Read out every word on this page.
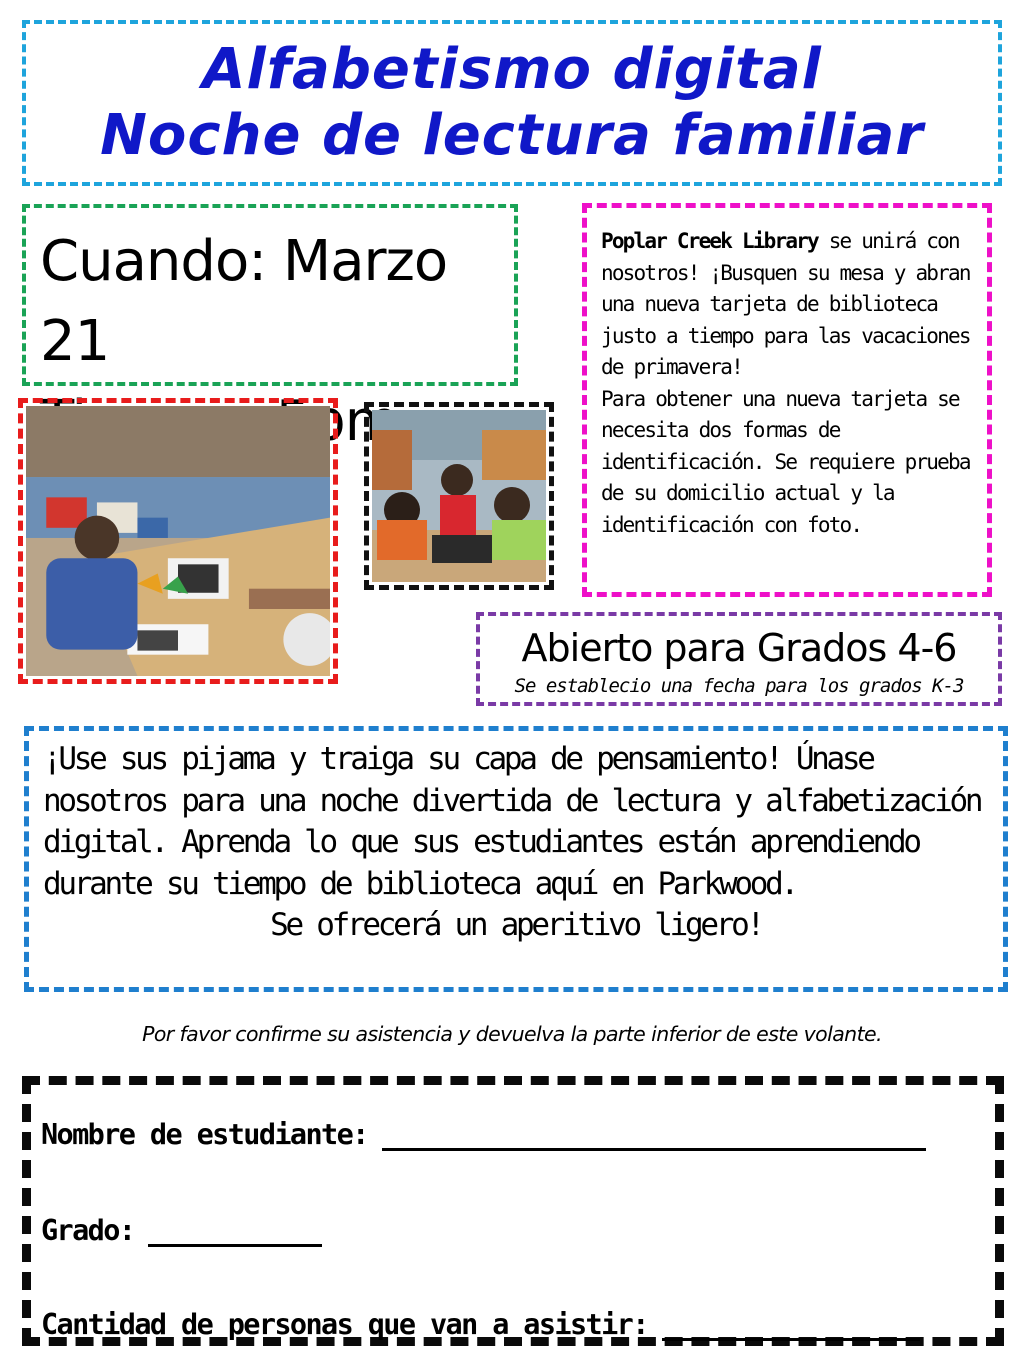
Alfabetismo digital
Noche de lectura familiar
Cuando: Marzo 21
5pm

Poplar Creek Library se unirá con nosotros! ¡Busquen su mesa y abran una nueva tarjeta de biblioteca justo a tiempo para las vacaciones de primavera!

Para obtener una nueva tarjeta se necesita dos formas de identificación. Se requiere prueba de su domicilio actual y la identificación con foto.

Abierto para Grados 4-6
Se establecio una fecha para los grados K-3
¡Use sus pijama y traiga su capa de pensamiento! Únase nosotros para una noche divertida de lectura y alfabetización digital. Aprenda lo que sus estudiantes están aprendiendo durante su tiempo de biblioteca aquí en Parkwood.
Se ofrecerá un aperitivo ligero!
Por favor confirme su asistencia y devuelva la parte inferior de este volante.
Nombre de estudiante:
Grado:
Cantidad de personas que van a asistir:
